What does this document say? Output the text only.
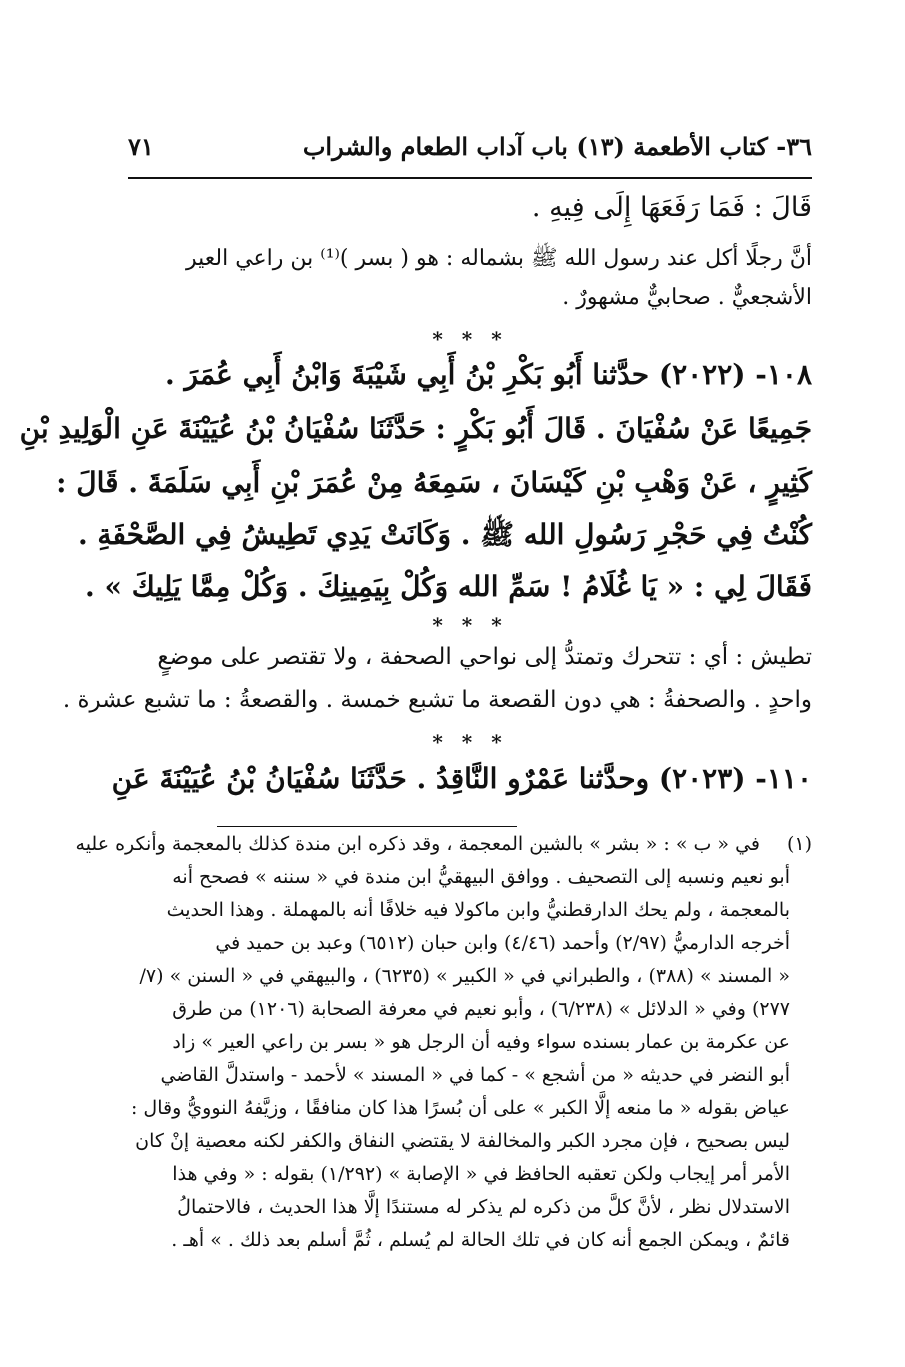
٣٦- كتاب الأطعمة (١٣) باب آداب الطعام والشراب
٧١
قَالَ : فَمَا رَفَعَهَا إِلَى فِيهِ .
أنَّ رجلًا أكل عند رسول الله ﷺ بشماله : هو ( بسر )⁽¹⁾ بن راعي العير
الأشجعيٌّ . صحابيٌّ مشهورٌ .
* * *
١٠٨- (٢٠٢٢) حدَّثنا أَبُو بَكْرِ بْنُ أَبِي شَيْبَةَ وَابْنُ أَبِي عُمَرَ .
جَمِيعًا عَنْ سُفْيَانَ . قَالَ أَبُو بَكْرٍ : حَدَّثَنَا سُفْيَانُ بْنُ عُيَيْنَةَ عَنِ الْوَلِيدِ بْنِ
كَثِيرٍ ، عَنْ وَهْبِ بْنِ كَيْسَانَ ، سَمِعَهُ مِنْ عُمَرَ بْنِ أَبِي سَلَمَةَ . قَالَ :
كُنْتُ فِي حَجْرِ رَسُولِ الله ﷺ . وَكَانَتْ يَدِي تَطِيشُ فِي الصَّحْفَةِ .
فَقَالَ لِي : « يَا غُلَامُ ! سَمِّ الله وَكُلْ بِيَمِينِكَ . وَكُلْ مِمَّا يَلِيكَ » .
* * *
تطيش : أي : تتحرك وتمتدُّ إلى نواحي الصحفة ، ولا تقتصر على موضعٍ
واحدٍ . والصحفةُ : هي دون القصعة ما تشبع خمسة . والقصعةُ : ما تشبع عشرة .
* * *
١١٠- (٢٠٢٣) وحدَّثنا عَمْرٌو النَّاقِدُ . حَدَّثَنَا سُفْيَانُ بْنُ عُيَيْنَةَ عَنِ
(١)
في « ب » : « بشر » بالشين المعجمة ، وقد ذكره ابن مندة كذلك بالمعجمة وأنكره عليه
أبو نعيم ونسبه إلى التصحيف . ووافق البيهقيُّ ابن مندة في « سننه » فصحح أنه
بالمعجمة ، ولم يحك الدارقطنيُّ وابن ماكولا فيه خلافًا أنه بالمهملة . وهذا الحديث
أخرجه الدارميُّ (٢/٩٧) وأحمد (٤/٤٦) وابن حبان (٦٥١٢) وعبد بن حميد في
« المسند » (٣٨٨) ، والطبراني في « الكبير » (٦٢٣٥) ، والبيهقي في « السنن » (٧/
٢٧٧) وفي « الدلائل » (٦/٢٣٨) ، وأبو نعيم في معرفة الصحابة (١٢٠٦) من طرق
عن عكرمة بن عمار بسنده سواء وفيه أن الرجل هو « بسر بن راعي العير » زاد
أبو النضر في حديثه « من أشجع » - كما في « المسند » لأحمد - واستدلَّ القاضي
عياض بقوله « ما منعه إلَّا الكبر » على أن بُسرًا هذا كان منافقًا ، وزيَّفهُ النوويُّ وقال :
ليس بصحيح ، فإن مجرد الكبر والمخالفة لا يقتضي النفاق والكفر لكنه معصية إنْ كان
الأمر أمر إيجاب ولكن تعقبه الحافظ في « الإصابة » (١/٢٩٢) بقوله : « وفي هذا
الاستدلال نظر ، لأنَّ كلَّ من ذكره لم يذكر له مستندًا إلَّا هذا الحديث ، فالاحتمالُ
قائمٌ ، ويمكن الجمع أنه كان في تلك الحالة لم يُسلم ، ثُمَّ أسلم بعد ذلك . » أهـ .
